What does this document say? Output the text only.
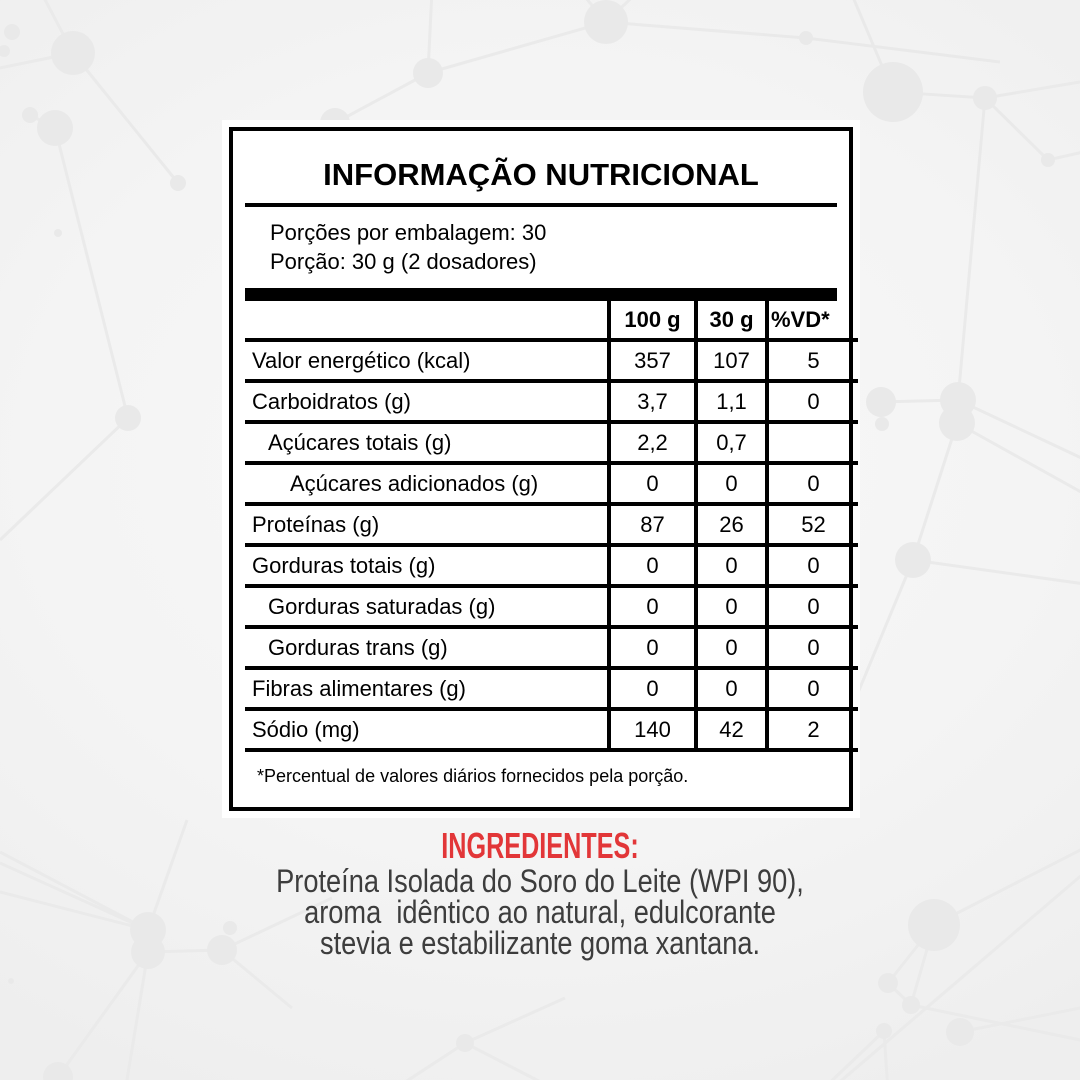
INFORMAÇÃO NUTRICIONAL
Porções por embalagem: 30
Porção: 30 g (2 dosadores)
	100 g	30 g	%VD*
Valor energético (kcal)	357	107	5
Carboidratos (g)	3,7	1,1	0
Açúcares totais (g)	2,2	0,7	
Açúcares adicionados (g)	0	0	0
Proteínas (g)	87	26	52
Gorduras totais (g)	0	0	0
Gorduras saturadas (g)	0	0	0
Gorduras trans (g)	0	0	0
Fibras alimentares (g)	0	0	0
Sódio (mg)	140	42	2
*Percentual de valores diários fornecidos pela porção.
INGREDIENTES:
Proteína Isolada do Soro do Leite (WPI 90),
aroma  idêntico ao natural, edulcorante
stevia e estabilizante goma xantana.
